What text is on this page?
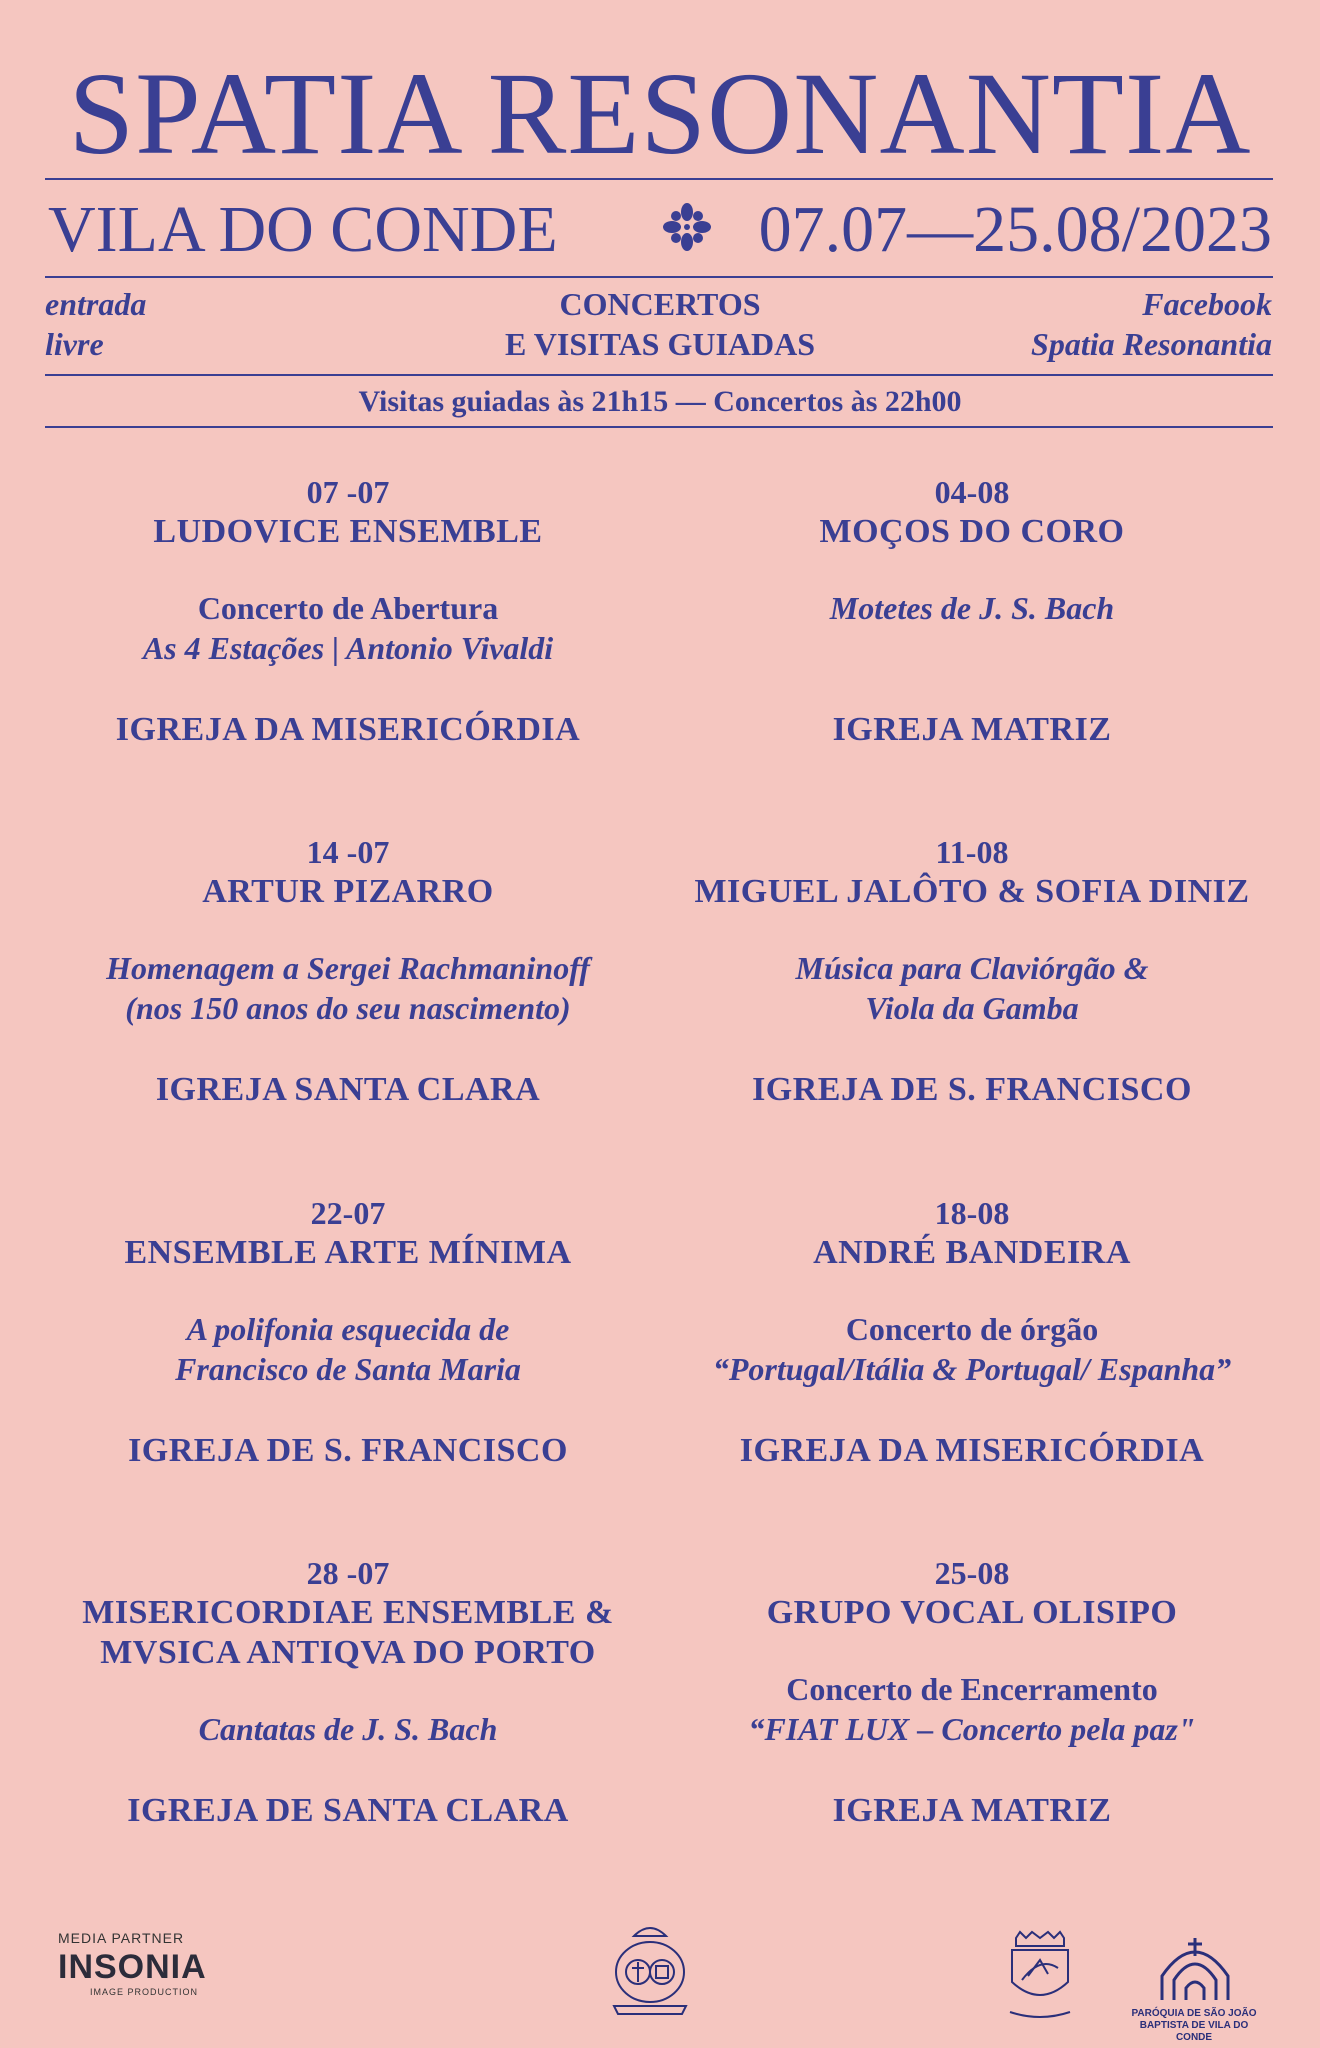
SPATIA RESONANTIA
VILA DO CONDE	07.07—25.08/2023
entrada
livre
CONCERTOS
E VISITAS GUIADAS
Facebook
Spatia Resonantia
Visitas guiadas às 21h15 — Concertos às 22h00
07 -07
LUDOVICE ENSEMBLE
Concerto de Abertura
As 4 Estações | Antonio Vivaldi
IGREJA DA MISERICÓRDIA
14 -07
ARTUR PIZARRO
Homenagem a Sergei Rachmaninoff
(nos 150 anos do seu nascimento)
IGREJA SANTA CLARA
22-07
ENSEMBLE ARTE MÍNIMA
A polifonia esquecida de
Francisco de Santa Maria
IGREJA DE S. FRANCISCO
28 -07
MISERICORDIAE ENSEMBLE &
MVSICA ANTIQVA DO PORTO
Cantatas de J. S. Bach
IGREJA DE SANTA CLARA
04-08
MOÇOS DO CORO
Motetes de J. S. Bach
IGREJA MATRIZ
11-08
MIGUEL JALÔTO & SOFIA DINIZ
Música para Claviórgão &
Viola da Gamba
IGREJA DE S. FRANCISCO
18-08
ANDRÉ BANDEIRA
Concerto de órgão
“Portugal/Itália & Portugal/ Espanha”
IGREJA DA MISERICÓRDIA
25-08
GRUPO VOCAL OLISIPO
Concerto de Encerramento
“FIAT LUX – Concerto pela paz"
IGREJA MATRIZ
MEDIA PARTNER
INSONIA
IMAGE PRODUCTION
PARÓQUIA DE SÃO JOÃO
BAPTISTA DE VILA DO CONDE
